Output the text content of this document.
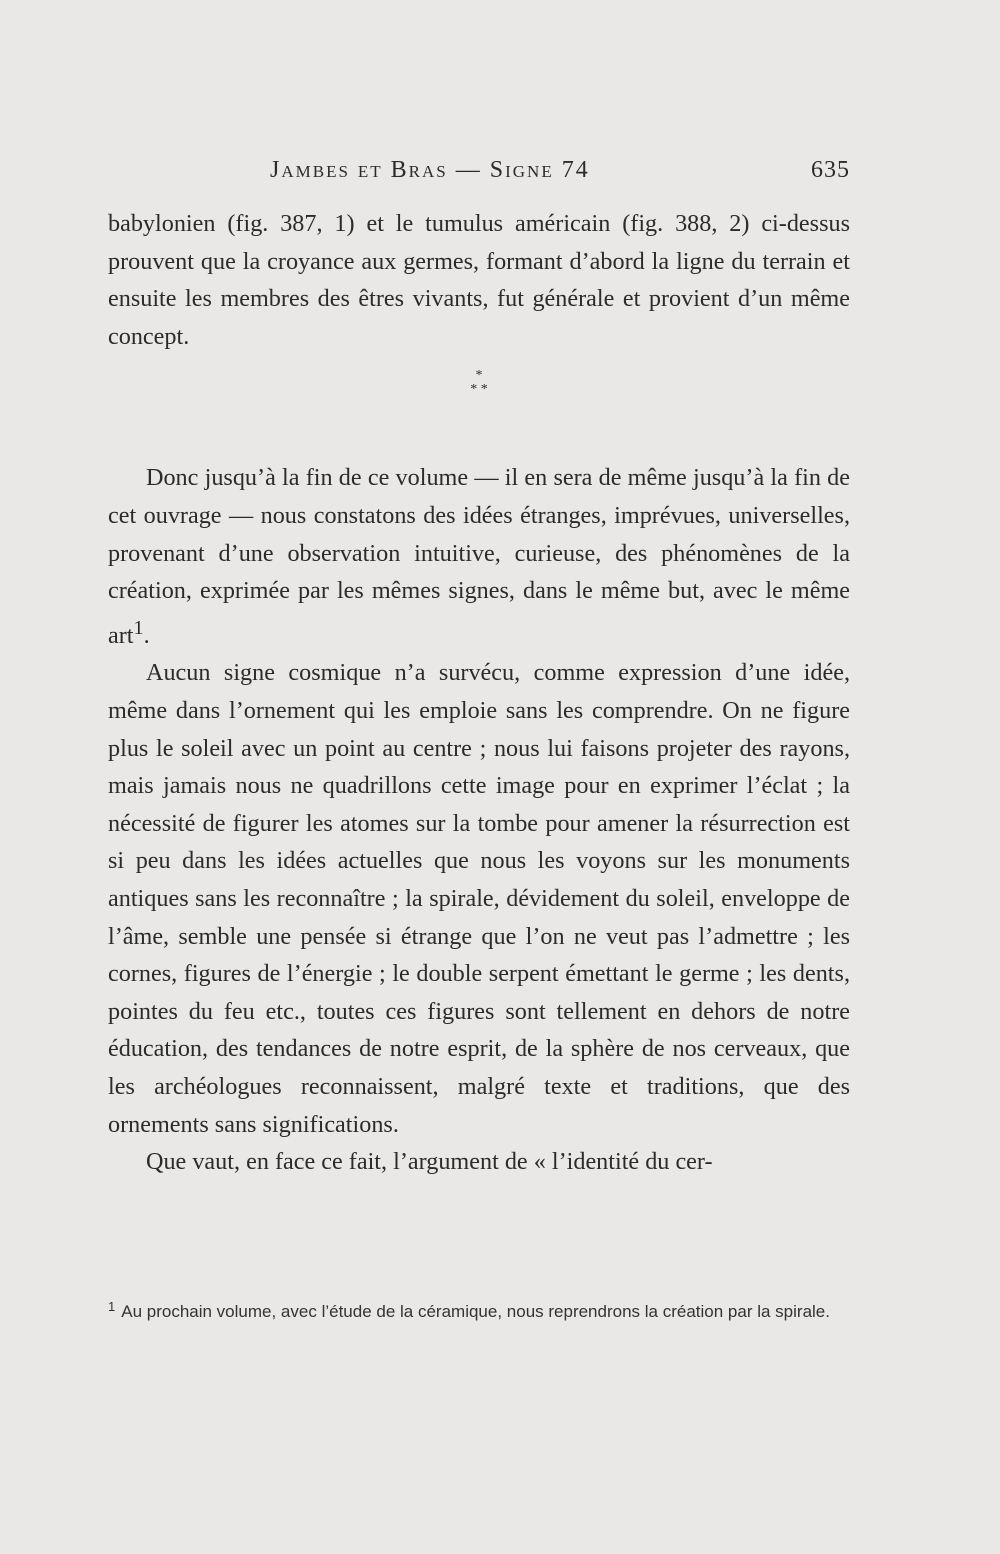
Jambes et Bras — Signe 74	635

babylonien (fig. 387, 1) et le tumulus américain (fig. 388, 2) ci-dessus prouvent que la croyance aux germes, formant d’abord la ligne du terrain et ensuite les membres des êtres vivants, fut générale et provient d’un même concept.

*
* *

Donc jusqu’à la fin de ce volume — il en sera de même jusqu’à la fin de cet ouvrage — nous constatons des idées étranges, imprévues, universelles, provenant d’une observation intuitive, curieuse, des phénomènes de la création, exprimée par les mêmes signes, dans le même but, avec le même art$^1$.

Aucun signe cosmique n’a survécu, comme expression d’une idée, même dans l’ornement qui les emploie sans les comprendre. On ne figure plus le soleil avec un point au centre ; nous lui faisons projeter des rayons, mais jamais nous ne quadrillons cette image pour en exprimer l’éclat ; la nécessité de figurer les atomes sur la tombe pour amener la résurrection est si peu dans les idées actuelles que nous les voyons sur les monuments antiques sans les reconnaître ; la spirale, dévidement du soleil, enveloppe de l’âme, semble une pensée si étrange que l’on ne veut pas l’admettre ; les cornes, figures de l’énergie ; le double serpent émettant le germe ; les dents, pointes du feu etc., toutes ces figures sont tellement en dehors de notre éducation, des tendances de notre esprit, de la sphère de nos cerveaux, que les archéologues reconnaissent, malgré texte et traditions, que des ornements sans significations.

Que vaut, en face ce fait, l’argument de « l’identité du cer-

$^1$ Au prochain volume, avec l’étude de la céramique, nous reprendrons la création par la spirale.
